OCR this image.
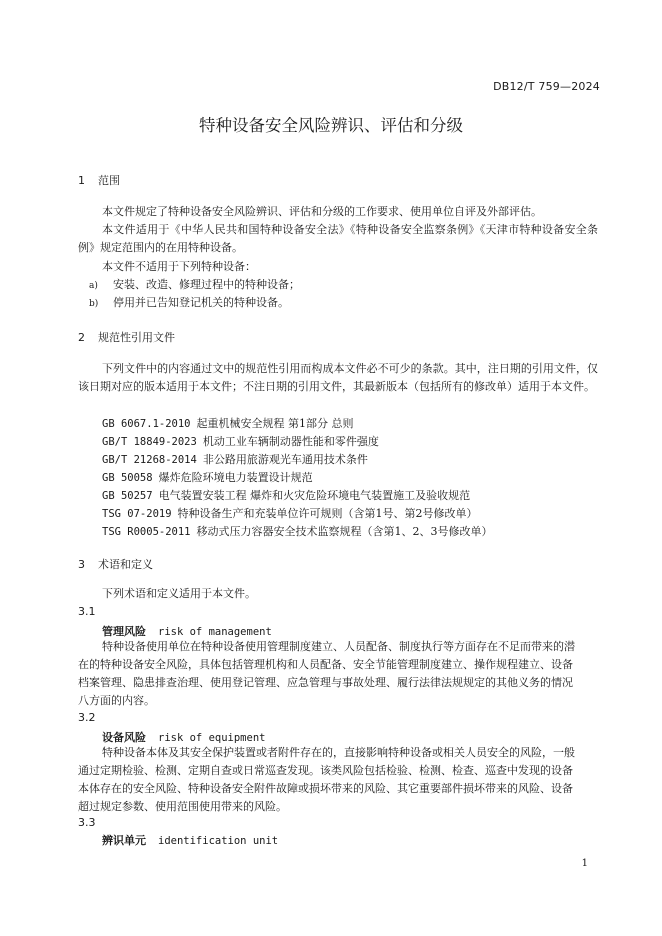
DB12/T 759—2024
特种设备安全风险辨识、评估和分级
1 范围
本文件规定了特种设备安全风险辨识、评估和分级的工作要求、使用单位自评及外部评估。
本文件适用于《中华人民共和国特种设备安全法》《特种设备安全监察条例》《天津市特种设备安全条例》规定范围内的在用特种设备。
本文件不适用于下列特种设备：
a) 安装、改造、修理过程中的特种设备；
b) 停用并已告知登记机关的特种设备。
2 规范性引用文件
下列文件中的内容通过文中的规范性引用而构成本文件必不可少的条款。其中，注日期的引用文件，仅该日期对应的版本适用于本文件；不注日期的引用文件，其最新版本（包括所有的修改单）适用于本文件。
GB 6067.1-2010 起重机械安全规程 第1部分 总则
GB/T 18849-2023 机动工业车辆制动器性能和零件强度
GB/T 21268-2014 非公路用旅游观光车通用技术条件
GB 50058 爆炸危险环境电力装置设计规范
GB 50257 电气装置安装工程 爆炸和火灾危险环境电气装置施工及验收规范
TSG 07-2019 特种设备生产和充装单位许可规则（含第1号、第2号修改单）
TSG R0005-2011 移动式压力容器安全技术监察规程（含第1、2、3号修改单）
3 术语和定义
下列术语和定义适用于本文件。
3.1
管理风险 risk of management
特种设备使用单位在特种设备使用管理制度建立、人员配备、制度执行等方面存在不足而带来的潜
在的特种设备安全风险，具体包括管理机构和人员配备、安全节能管理制度建立、操作规程建立、设备
档案管理、隐患排查治理、使用登记管理、应急管理与事故处理、履行法律法规规定的其他义务的情况
八方面的内容。
3.2
设备风险 risk of equipment
特种设备本体及其安全保护装置或者附件存在的，直接影响特种设备或相关人员安全的风险，一般
通过定期检验、检测、定期自查或日常巡查发现。该类风险包括检验、检测、检查、巡查中发现的设备
本体存在的安全风险、特种设备安全附件故障或损坏带来的风险、其它重要部件损坏带来的风险、设备
超过规定参数、使用范围使用带来的风险。
3.3
辨识单元 identification unit
1
